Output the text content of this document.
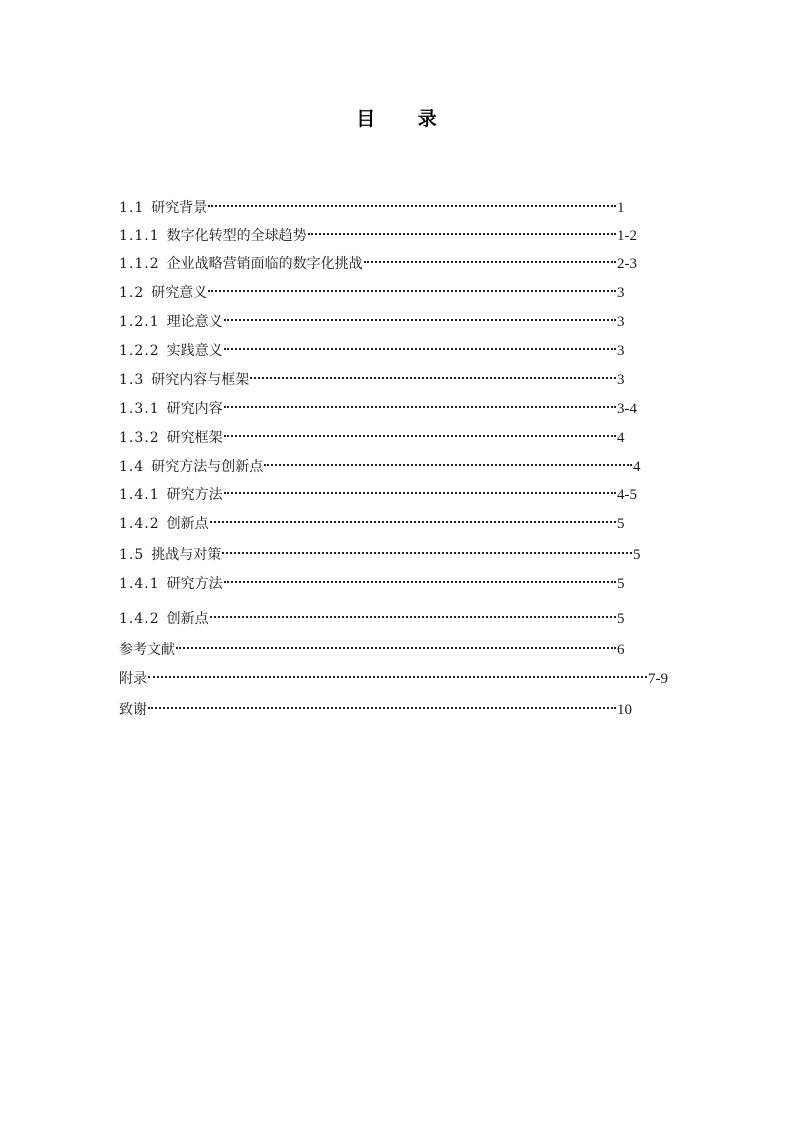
目 录
1.1 研究背景	1
1.1.1 数字化转型的全球趋势	1-2
1.1.2 企业战略营销面临的数字化挑战	2-3
1.2 研究意义	3
1.2.1 理论意义	3
1.2.2 实践意义	3
1.3 研究内容与框架	3
1.3.1 研究内容	3-4
1.3.2 研究框架	4
1.4 研究方法与创新点	4
1.4.1 研究方法	4-5
1.4.2 创新点	5
1.5 挑战与对策	5
1.4.1 研究方法	5
1.4.2 创新点	5
参考文献	6
附录	7-9
致谢	10
